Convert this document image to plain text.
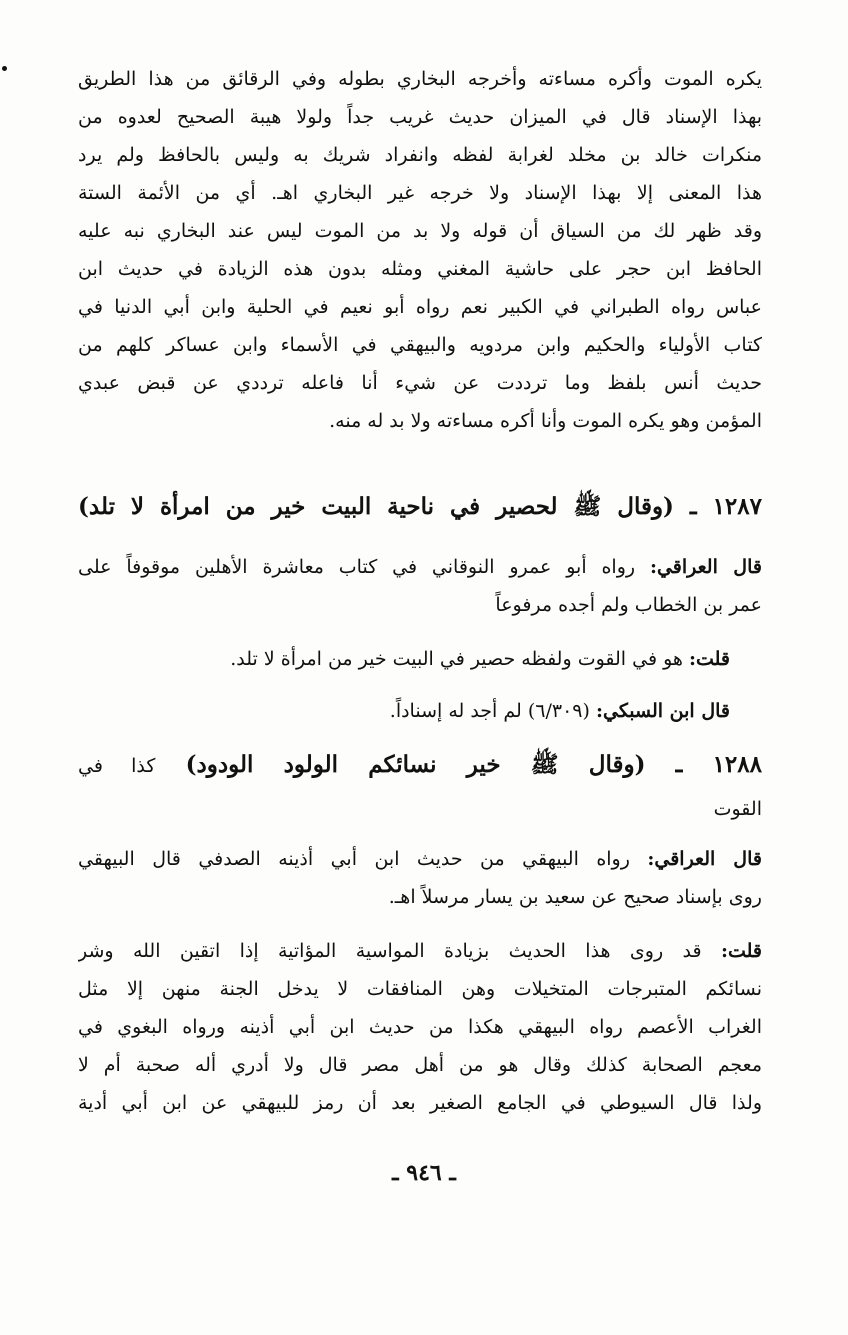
يكره الموت وأكره مساءته وأخرجه البخاري بطوله وفي الرقائق من هذا الطريق
بهذا الإسناد قال في الميزان حديث غريب جداً ولولا هيبة الصحيح لعدوه من
منكرات خالد بن مخلد لغرابة لفظه وانفراد شريك به وليس بالحافظ ولم يرد
هذا المعنى إلا بهذا الإسناد ولا خرجه غير البخاري اهـ. أي من الأئمة الستة
وقد ظهر لك من السياق أن قوله ولا بد من الموت ليس عند البخاري نبه عليه
الحافظ ابن حجر على حاشية المغني ومثله بدون هذه الزيادة في حديث ابن
عباس رواه الطبراني في الكبير نعم رواه أبو نعيم في الحلية وابن أبي الدنيا في
كتاب الأولياء والحكيم وابن مردويه والبيهقي في الأسماء وابن عساكر كلهم من
حديث أنس بلفظ وما ترددت عن شيء أنا فاعله ترددي عن قبض عبدي
المؤمن وهو يكره الموت وأنا أكره مساءته ولا بد له منه.
١٢٨٧ ـ (وقال ﷺ لحصير في ناحية البيت خير من امرأة لا تلد)
قال العراقي: رواه أبو عمرو النوقاني في كتاب معاشرة الأهلين موقوفاً على
عمر بن الخطاب ولم أجده مرفوعاً
قلت: هو في القوت ولفظه حصير في البيت خير من امرأة لا تلد.
قال ابن السبكي: (٦/٣٠٩) لم أجد له إسناداً.
١٢٨٨ ـ (وقال ﷺ خير نسائكم الولود الودود) كذا في
القوت
قال العراقي: رواه البيهقي من حديث ابن أبي أذينه الصدفي قال البيهقي
روى بإسناد صحيح عن سعيد بن يسار مرسلاً اهـ.
قلت: قد روى هذا الحديث بزيادة المواسية المؤاتية إذا اتقين الله وشر
نسائكم المتبرجات المتخيلات وهن المنافقات لا يدخل الجنة منهن إلا مثل
الغراب الأعصم رواه البيهقي هكذا من حديث ابن أبي أذينه ورواه البغوي في
معجم الصحابة كذلك وقال هو من أهل مصر قال ولا أدري أله صحبة أم لا
ولذا قال السيوطي في الجامع الصغير بعد أن رمز للبيهقي عن ابن أبي أدية
ـ ٩٤٦ ـ
